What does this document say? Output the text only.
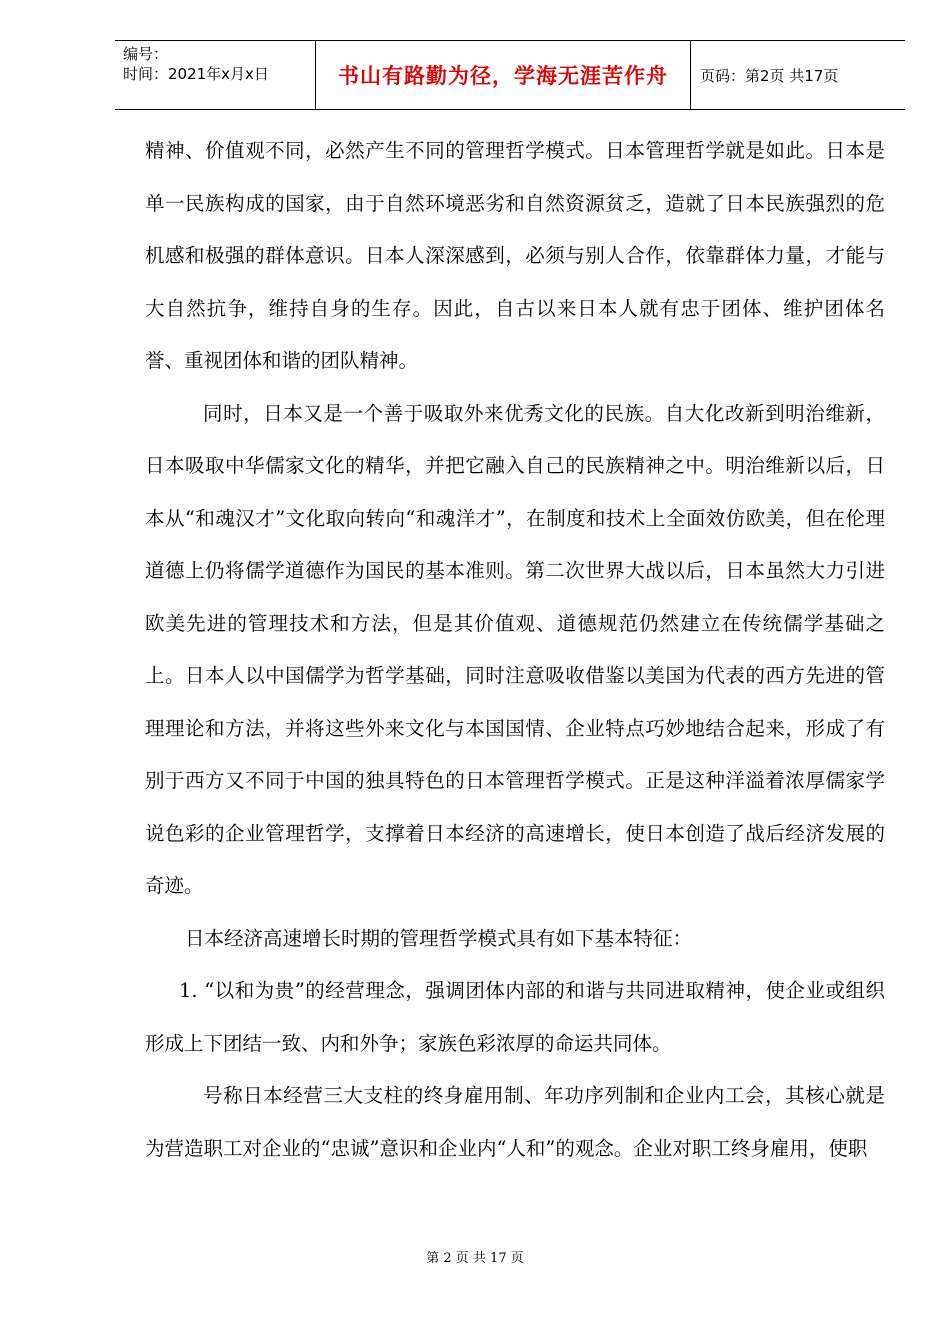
编号：
时间：2021年x月x日	书山有路勤为径，学海无涯苦作舟 页码：第2页 共17页

精神、价值观不同，必然产生不同的管理哲学模式。日本管理哲学就是如此。日本是单一民族构成的国家，由于自然环境恶劣和自然资源贫乏，造就了日本民族强烈的危机感和极强的群体意识。日本人深深感到，必须与别人合作，依靠群体力量，才能与大自然抗争，维持自身的生存。因此，自古以来日本人就有忠于团体、维护团体名誉、重视团体和谐的团队精神。

同时，日本又是一个善于吸取外来优秀文化的民族。自大化改新到明治维新，日本吸取中华儒家文化的精华，并把它融入自己的民族精神之中。明治维新以后，日本从“和魂汉才”文化取向转向“和魂洋才”，在制度和技术上全面效仿欧美，但在伦理道德上仍将儒学道德作为国民的基本准则。第二次世界大战以后，日本虽然大力引进欧美先进的管理技术和方法，但是其价值观、道德规范仍然建立在传统儒学基础之上。日本人以中国儒学为哲学基础，同时注意吸收借鉴以美国为代表的西方先进的管理理论和方法，并将这些外来文化与本国国情、企业特点巧妙地结合起来，形成了有别于西方又不同于中国的独具特色的日本管理哲学模式。正是这种洋溢着浓厚儒家学说色彩的企业管理哲学，支撑着日本经济的高速增长，使日本创造了战后经济发展的奇迹。

日本经济高速增长时期的管理哲学模式具有如下基本特征：

1. “以和为贵”的经营理念，强调团体内部的和谐与共同进取精神，使企业或组织形成上下团结一致、内和外争；家族色彩浓厚的命运共同体。

号称日本经营三大支柱的终身雇用制、年功序列制和企业内工会，其核心就是为营造职工对企业的“忠诚”意识和企业内“人和”的观念。企业对职工终身雇用，使职

第 2 页 共 17 页
